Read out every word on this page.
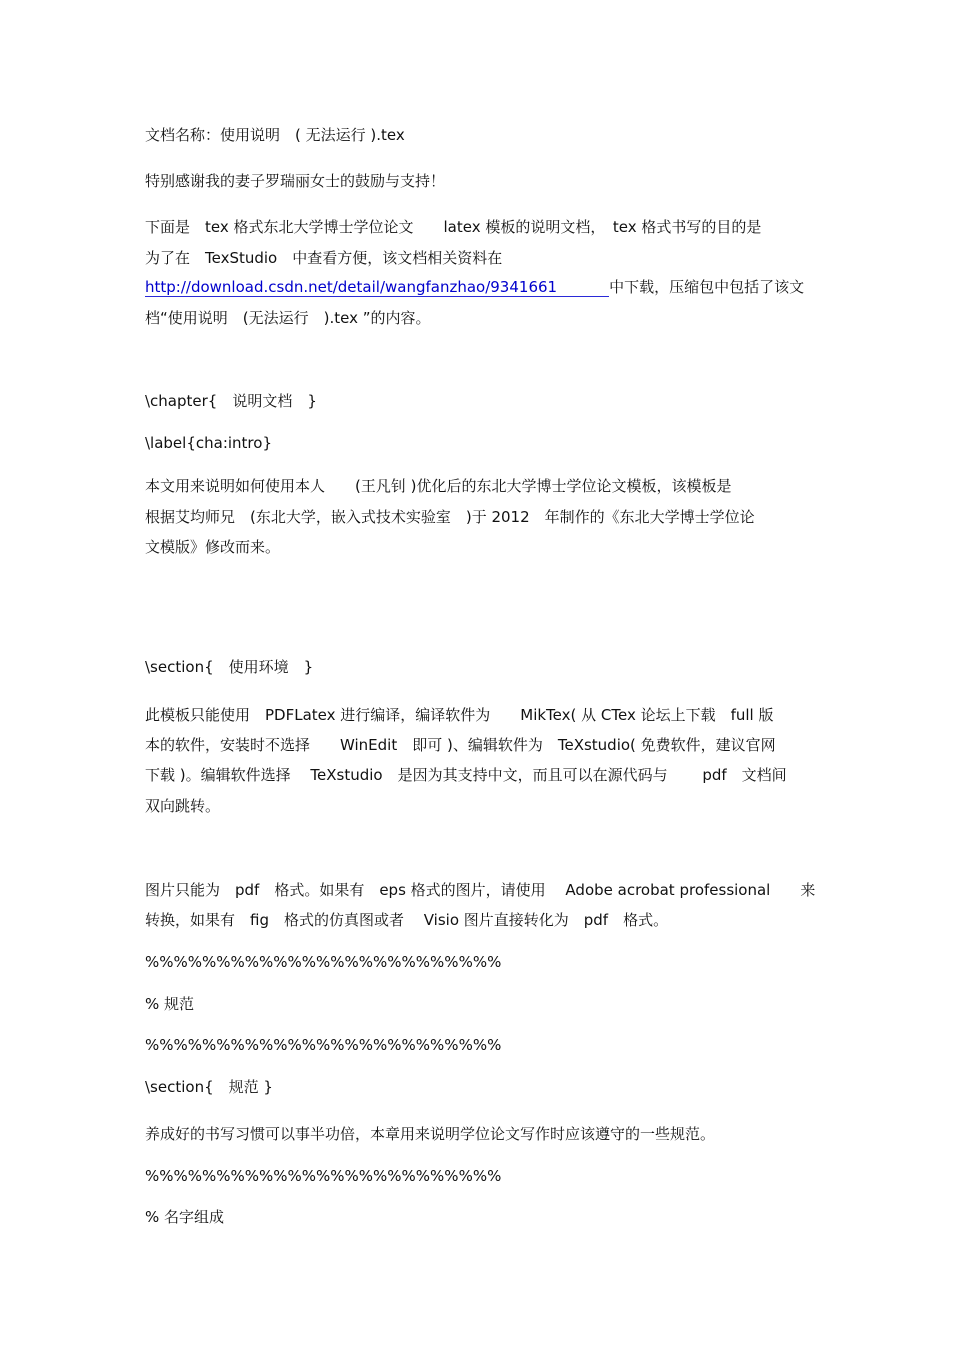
文档名称：使用说明　( 无法运行 ).tex
特别感谢我的妻子罗瑞丽女士的鼓励与支持！
下面是　tex 格式东北大学博士学位论文　　latex 模板的说明文档，　tex 格式书写的目的是
为了在　TexStudio　中查看方便，该文档相关资料在
http://download.csdn.net/detail/wangfanzhao/9341661	中下载，压缩包中包括了该文
档“使用说明　(无法运行　).tex ”的内容。
\chapter{　说明文档　}
\label{cha:intro}
本文用来说明如何使用本人　　(王凡钊 )优化后的东北大学博士学位论文模板，该模板是
根据艾均师兄　(东北大学，嵌入式技术实验室　)于 2012　年制作的《东北大学博士学位论
文模版》修改而来。
\section{　使用环境　}
此模板只能使用　PDFLatex 进行编译，编译软件为　　MikTex( 从 CTex 论坛上下载　full 版
本的软件，安装时不选择　　WinEdit　即可 )、编辑软件为　TeXstudio( 免费软件，建议官网
下载 )。编辑软件选择　 TeXstudio　是因为其支持中文，而且可以在源代码与　　 pdf　文档间
双向跳转。
图片只能为　pdf　格式。如果有　eps 格式的图片，请使用　 Adobe acrobat professional　　来
转换，如果有　fig　格式的仿真图或者　 Visio 图片直接转化为　pdf　格式。
%%%%%%%%%%%%%%%%%%%%%%%%%
% 规范
%%%%%%%%%%%%%%%%%%%%%%%%%
\section{　规范 }
养成好的书写习惯可以事半功倍，本章用来说明学位论文写作时应该遵守的一些规范。
%%%%%%%%%%%%%%%%%%%%%%%%%
% 名字组成
